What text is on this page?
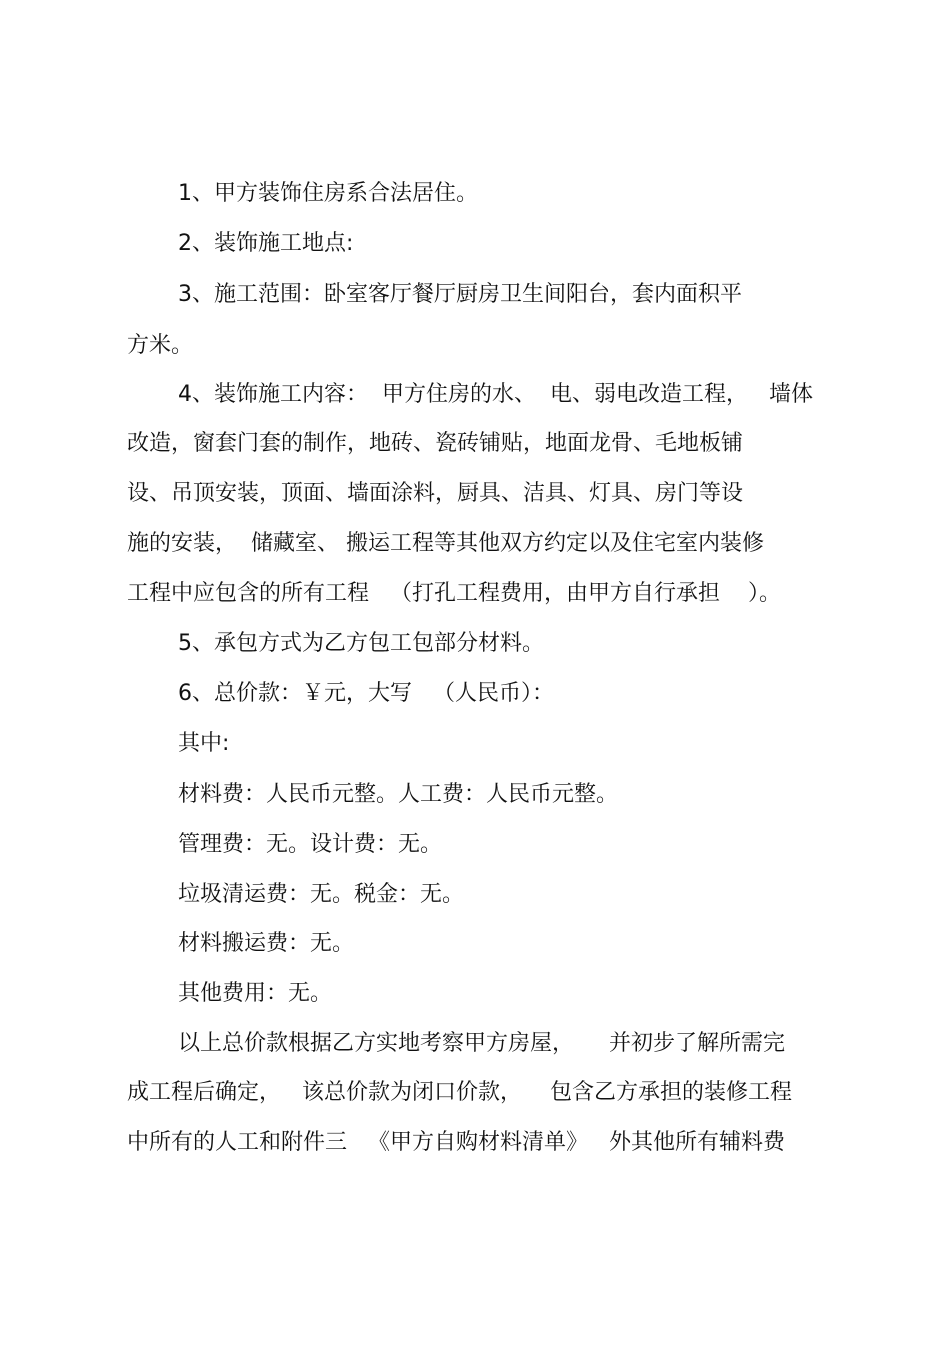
1、甲方装饰住房系合法居住。

2、装饰施工地点:

3、施工范围：卧室客厅餐厅厨房卫生间阳台，套内面积平

方米。

4、装饰施工内容：  甲方住房的水、  电、弱电改造工程，   墙体

改造，窗套门套的制作，地砖、瓷砖铺贴，地面龙骨、毛地板铺

设、吊顶安装，顶面、墙面涂料，厨具、洁具、灯具、房门等设

施的安装，  储藏室、 搬运工程等其他双方约定以及住宅室内装修

工程中应包含的所有工程   （打孔工程费用，由甲方自行承担    ）。

5、承包方式为乙方包工包部分材料。

6、总价款：￥元，大写   （人民币）：

其中:

材料费：人民币元整。人工费：人民币元整。

管理费：无。设计费：无。

垃圾清运费：无。税金：无。

材料搬运费：无。

其他费用：无。

以上总价款根据乙方实地考察甲方房屋，     并初步了解所需完

成工程后确定，   该总价款为闭口价款，    包含乙方承担的装修工程

中所有的人工和附件三   《甲方自购材料清单》   外其他所有辅料费
